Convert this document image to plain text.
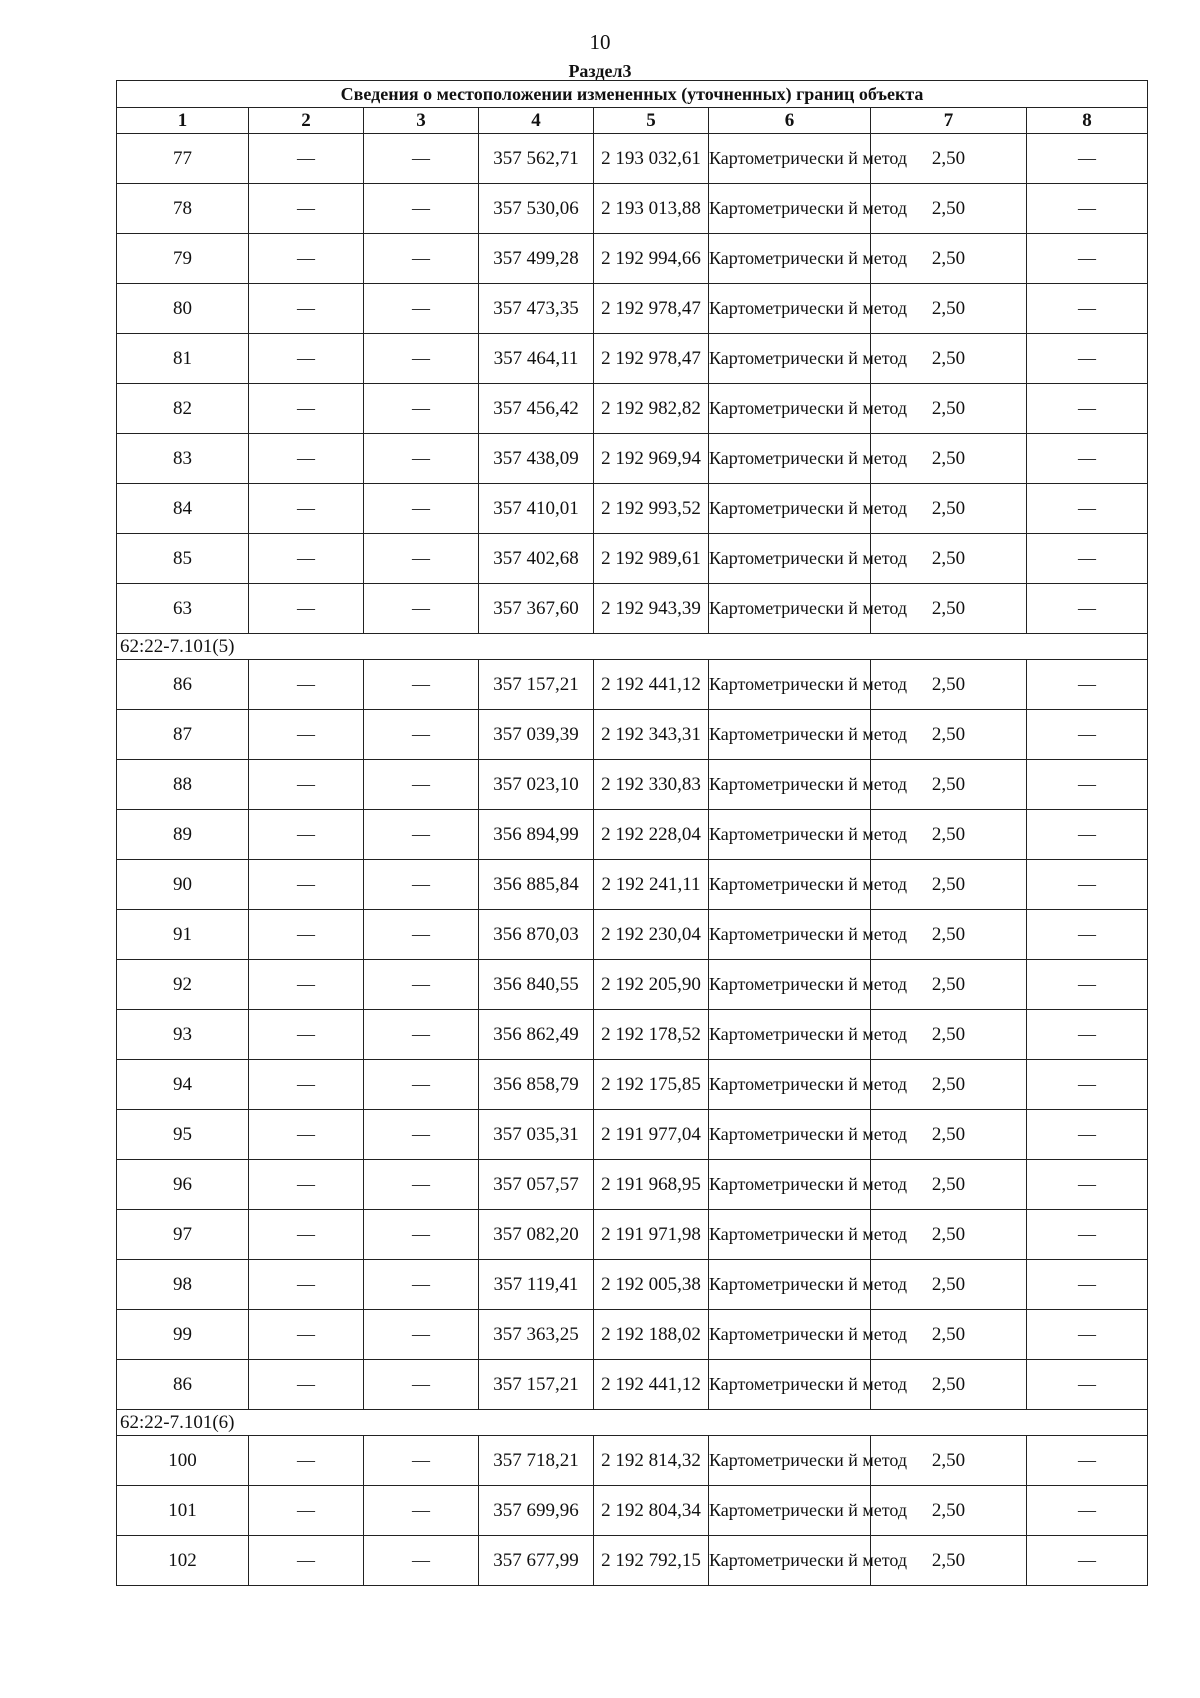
10
Раздел3
Сведения о местоположении измененных (уточненных) границ объекта							
1	2	3	4	5	6	7	8
77	—	—	357 562,71	2 193 032,61	Картометрически й метод	2,50	—
78	—	—	357 530,06	2 193 013,88	Картометрически й метод	2,50	—
79	—	—	357 499,28	2 192 994,66	Картометрически й метод	2,50	—
80	—	—	357 473,35	2 192 978,47	Картометрически й метод	2,50	—
81	—	—	357 464,11	2 192 978,47	Картометрически й метод	2,50	—
82	—	—	357 456,42	2 192 982,82	Картометрически й метод	2,50	—
83	—	—	357 438,09	2 192 969,94	Картометрически й метод	2,50	—
84	—	—	357 410,01	2 192 993,52	Картометрически й метод	2,50	—
85	—	—	357 402,68	2 192 989,61	Картометрически й метод	2,50	—
63	—	—	357 367,60	2 192 943,39	Картометрически й метод	2,50	—
62:22-7.101(5)							
86	—	—	357 157,21	2 192 441,12	Картометрически й метод	2,50	—
87	—	—	357 039,39	2 192 343,31	Картометрически й метод	2,50	—
88	—	—	357 023,10	2 192 330,83	Картометрически й метод	2,50	—
89	—	—	356 894,99	2 192 228,04	Картометрически й метод	2,50	—
90	—	—	356 885,84	2 192 241,11	Картометрически й метод	2,50	—
91	—	—	356 870,03	2 192 230,04	Картометрически й метод	2,50	—
92	—	—	356 840,55	2 192 205,90	Картометрически й метод	2,50	—
93	—	—	356 862,49	2 192 178,52	Картометрически й метод	2,50	—
94	—	—	356 858,79	2 192 175,85	Картометрически й метод	2,50	—
95	—	—	357 035,31	2 191 977,04	Картометрически й метод	2,50	—
96	—	—	357 057,57	2 191 968,95	Картометрически й метод	2,50	—
97	—	—	357 082,20	2 191 971,98	Картометрически й метод	2,50	—
98	—	—	357 119,41	2 192 005,38	Картометрически й метод	2,50	—
99	—	—	357 363,25	2 192 188,02	Картометрически й метод	2,50	—
86	—	—	357 157,21	2 192 441,12	Картометрически й метод	2,50	—
62:22-7.101(6)							
100	—	—	357 718,21	2 192 814,32	Картометрически й метод	2,50	—
101	—	—	357 699,96	2 192 804,34	Картометрически й метод	2,50	—
102	—	—	357 677,99	2 192 792,15	Картометрически й метод	2,50	—
